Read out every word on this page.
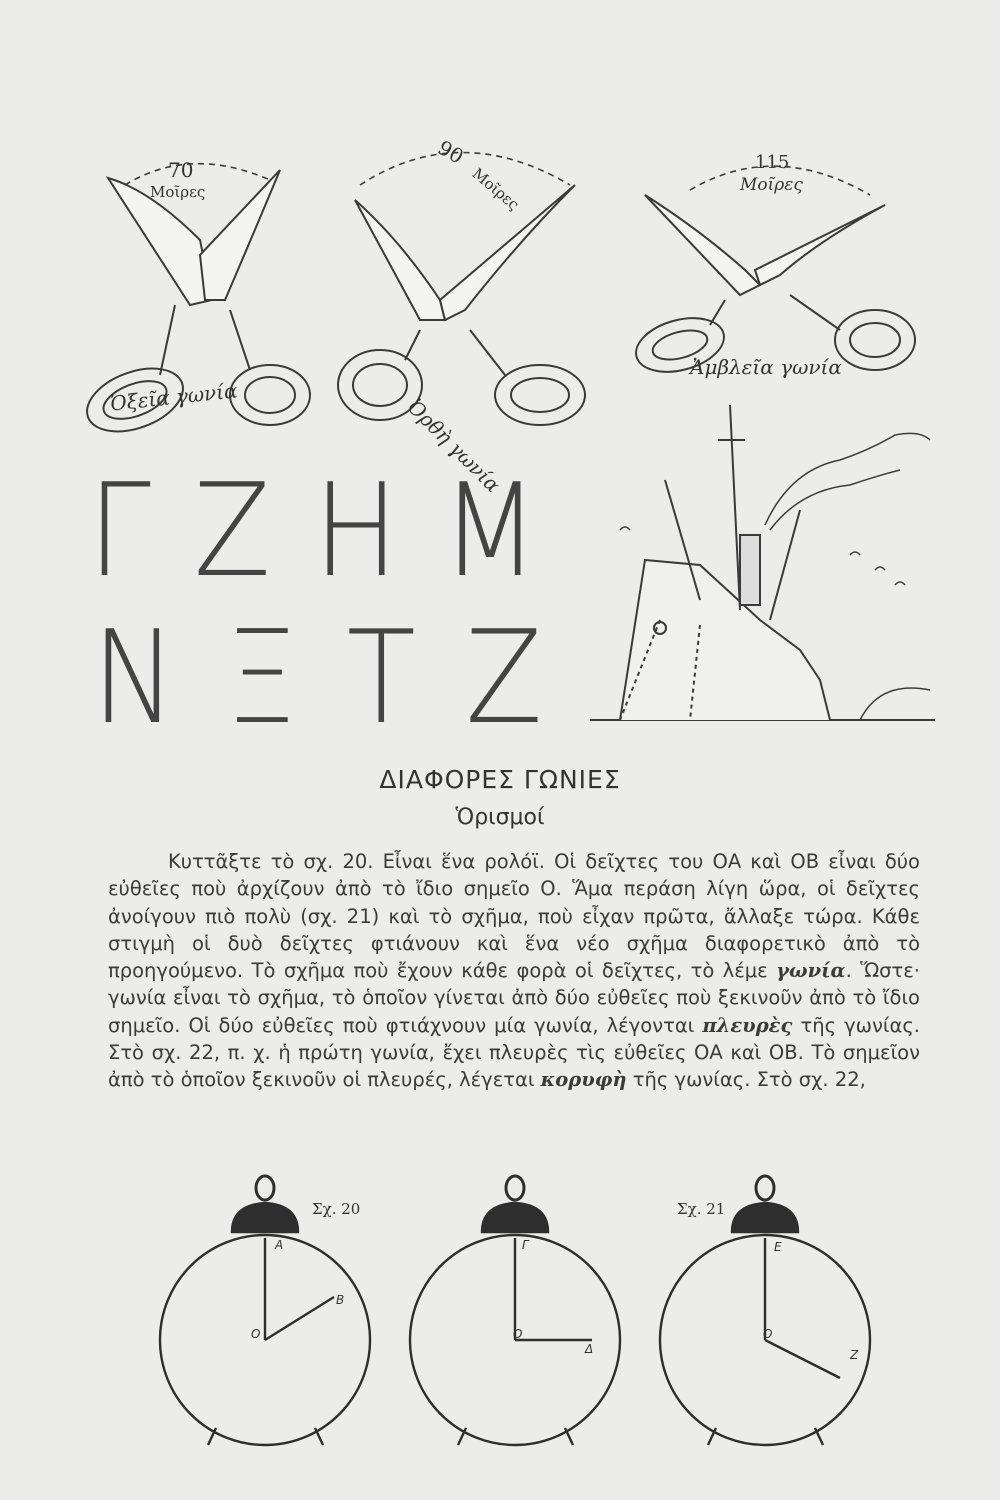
70
Μοῖρες
Ὀξεῖα γωνία
90
Μοῖρες
Ὀρθὴ γωνία
115
Μοῖρες
Ἀμβλεῖα γωνία
Γ Ζ Η Μ
Ν Ξ Τ Ζ
ΔΙΑΦΟΡΕΣ ΓΩΝΙΕΣ
Ὁρισμοί

Κυττᾶξτε τὸ σχ. 20. Εἶναι ἕνα ρολόϊ. Οἱ δεῖχτες του ΟΑ καὶ ΟΒ εἶναι δύο εὐθεῖες ποὺ ἀρχίζουν ἀπὸ τὸ ἴδιο σημεῖο Ο. Ἅμα περάση λίγη ὥρα, οἱ δεῖχτες ἀνοίγουν πιὸ πολὺ (σχ. 21) καὶ τὸ σχῆμα, ποὺ εἶχαν πρῶτα, ἄλλαξε τώρα. Κάθε στιγμὴ οἱ δυὸ δεῖχτες φτιάνουν καὶ ἕνα νέο σχῆμα διαφορετικὸ ἀπὸ τὸ προηγούμενο. Τὸ σχῆμα ποὺ ἔχουν κάθε φορὰ οἱ δεῖχτες, τὸ λέμε γωνία. Ὥστε· γωνία εἶναι τὸ σχῆμα, τὸ ὁποῖον γίνεται ἀπὸ δύο εὐθεῖες ποὺ ξεκινοῦν ἀπὸ τὸ ἴδιο σημεῖο. Οἱ δύο εὐθεῖες ποὺ φτιάχνουν μία γωνία, λέγονται πλευρὲς τῆς γωνίας. Στὸ σχ. 22, π. χ. ἡ πρώτη γωνία, ἔχει πλευρὲς τὶς εὐθεῖες ΟΑ καὶ ΟΒ. Τὸ σημεῖον ἀπὸ τὸ ὁποῖον ξεκινοῦν οἱ πλευρές, λέγεται κορυφὴ τῆς γωνίας. Στὸ σχ. 22,

Σχ. 20
O
A
B
O
Γ
Δ
Σχ. 21
O
E
Z
